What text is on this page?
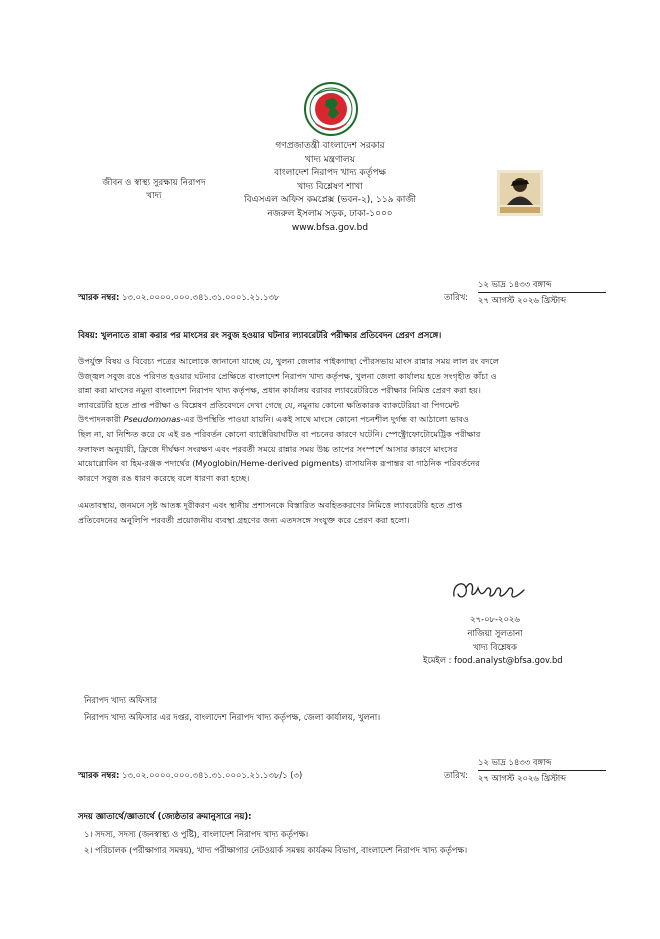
গণপ্রজাতন্ত্রী বাংলাদেশ সরকার
খাদ্য মন্ত্রণালয়
বাংলাদেশ নিরাপদ খাদ্য কর্তৃপক্ষ
খাদ্য বিশ্লেষণ শাখা
বিএসএল অফিস কমপ্লেক্স (ভবন-২), ১১৯ কাজী
নজরুল ইসলাম সড়ক, ঢাকা-১০০০
www.bfsa.gov.bd
জীবন ও স্বাস্থ্য সুরক্ষায় নিরাপদ
খাদ্য
স্মারক নম্বর: ১৩.০২.০০০০.০০০.৩৪১.৩১.০০০১.২১.১৩৮	তারিখ:
১২ ভাদ্র ১৪৩৩ বঙ্গাব্দ
২৭ আগস্ট ২০২৬ খ্রিস্টাব্দ
বিষয়: খুলনাতে রান্না করার পর মাংসের রং সবুজ হওয়ার ঘটনার ল্যাবরেটরি পরীক্ষার প্রতিবেদন প্রেরণ প্রসঙ্গে।
উপর্যুক্ত বিষয় ও বিবেচ্য পত্রের আলোকে জানানো যাচ্ছে যে, খুলনা জেলার পাইকগাছা পৌরসভায় মাংস রান্নার সময় লাল রং বদলে
উজ্জ্বল সবুজ রঙে পরিণত হওয়ার ঘটনার প্রেক্ষিতে বাংলাদেশ নিরাপদ খাদ্য কর্তৃপক্ষ, খুলনা জেলা কার্যালয় হতে সংগৃহীত কাঁচা ও
রান্না করা মাংসের নমুনা বাংলাদেশ নিরাপদ খাদ্য কর্তৃপক্ষ, প্রধান কার্যালয় বরাবর ল্যাবরেটরিতে পরীক্ষার নিমিত্ত প্রেরণ করা হয়।
ল্যাবরেটরি হতে প্রাপ্ত পরীক্ষা ও বিশ্লেষণ প্রতিবেদনে দেখা গেছে যে, নমুনায় কোনো ক্ষতিকারক ব্যাকটেরিয়া বা পিগমেন্ট
উৎপাদনকারী Pseudomonas-এর উপস্থিতি পাওয়া যায়নি। একই সাথে মাংসে কোনো পচনশীল দুর্গন্ধ বা আঠালো ভাবও
ছিল না, যা নিশ্চিত করে যে এই রঙ পরিবর্তন কোনো ব্যাক্টেরিয়াঘটিত বা পচনের কারণে ঘটেনি। স্পেক্ট্রোফোটোমেট্রিক পরীক্ষার
ফলাফল অনুযায়ী, ফ্রিজে দীর্ঘক্ষণ সংরক্ষণ এবং পরবর্তী সময়ে রান্নার সময় উচ্চ তাপের সংস্পর্শে আসার কারণে মাংসের
মায়োগ্লোবিন বা হিম-রঞ্জক পদার্থের (Myoglobin/Heme-derived pigments) রাসায়নিক রূপান্তর বা গাঠনিক পরিবর্তনের
কারণে সবুজ রঙ ধারণ করেছে বলে ধারণা করা হচ্ছে।
এমতাবস্থায়, জনমনে সৃষ্ট আতঙ্ক দূরীকরণ এবং স্থানীয় প্রশাসনকে বিস্তারিত অবহিতকরণের নিমিত্তে ল্যাবরেটরি হতে প্রাপ্ত
প্রতিবেদনের অনুলিপি পরবর্তী প্রয়োজনীয় ব্যবস্থা গ্রহণের জন্য এতদসঙ্গে সংযুক্ত করে প্রেরণ করা হলো।
২৭-০৮-২০২৬
নাজিয়া সুলতানা
খাদ্য বিশ্লেষক
ইমেইল : food.analyst@bfsa.gov.bd
নিরাপদ খাদ্য অফিসার
নিরাপদ খাদ্য অফিসার এর দপ্তর, বাংলাদেশ নিরাপদ খাদ্য কর্তৃপক্ষ, জেলা কার্যালয়, খুলনা।
স্মারক নম্বর: ১৩.০২.০০০০.০০০.৩৪১.৩১.০০০১.২১.১৩৮/১ (৩)	তারিখ:
১২ ভাদ্র ১৪৩৩ বঙ্গাব্দ
২৭ আগস্ট ২০২৬ খ্রিস্টাব্দ
সদয় জ্ঞাতার্থে/জ্ঞাতার্থে (জ্যেষ্ঠতার ক্রমানুসারে নয়):
১। সদস্য, সদস্য (জনস্বাস্থ্য ও পুষ্টি), বাংলাদেশ নিরাপদ খাদ্য কর্তৃপক্ষ।
২। পরিচালক (পরীক্ষাগার সমন্বয়), খাদ্য পরীক্ষাগার নেটওয়ার্ক সমন্বয় কার্যক্রম বিভাগ, বাংলাদেশ নিরাপদ খাদ্য কর্তৃপক্ষ।
